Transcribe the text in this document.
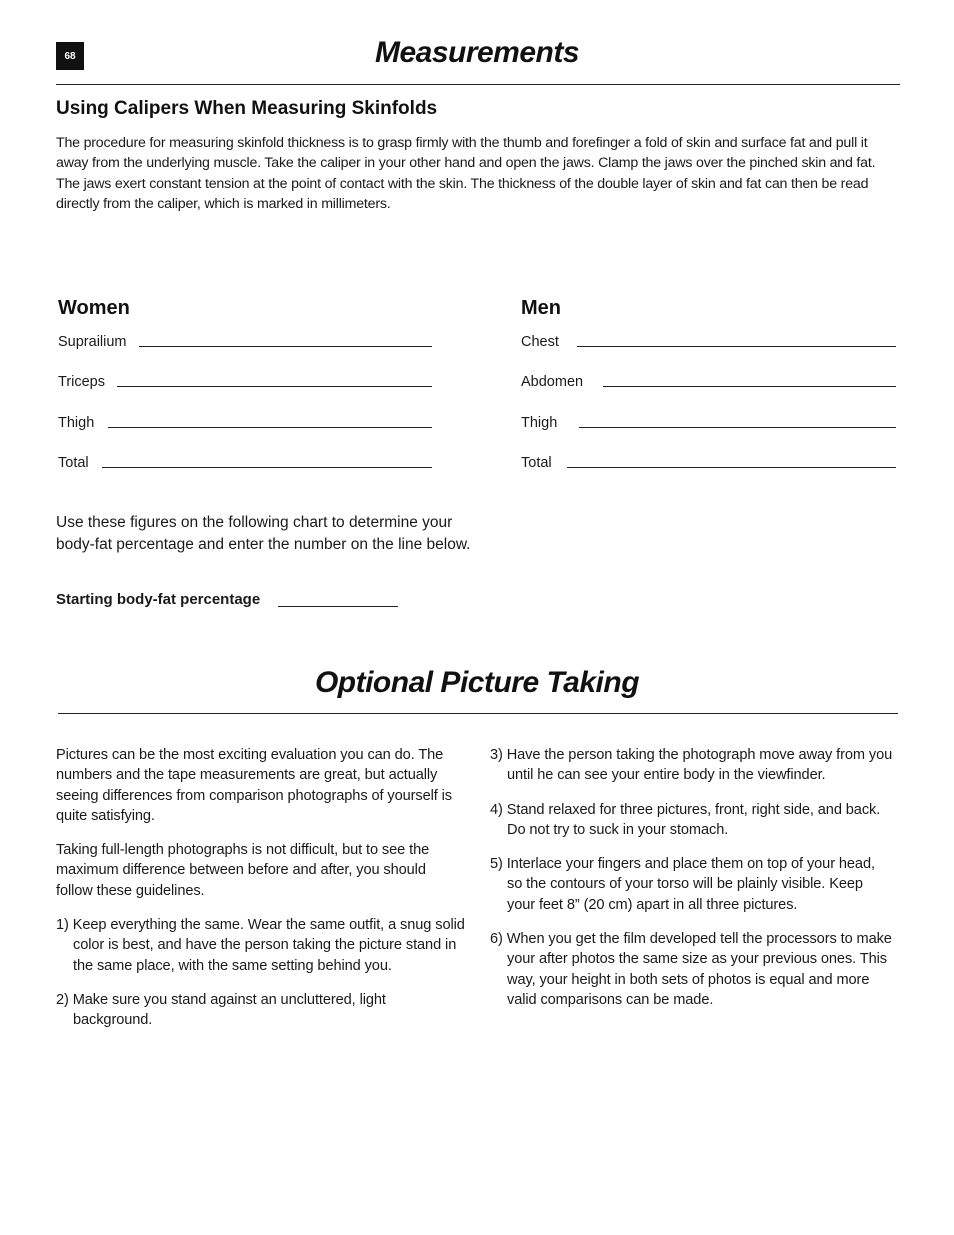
68	Measurements
Using Calipers When Measuring Skinfolds
The procedure for measuring skinfold thickness is to grasp firmly with the thumb and forefinger a fold of skin and surface fat and pull it away from the underlying muscle. Take the caliper in your other hand and open the jaws. Clamp the jaws over the pinched skin and fat. The jaws exert constant tension at the point of contact with the skin. The thickness of the double layer of skin and fat can then be read directly from the caliper, which is marked in millimeters.
Women
Suprailium
Triceps
Thigh
Total
Men
Chest
Abdomen
Thigh
Total
Use these figures on the following chart to determine your body-fat percentage and enter the number on the line below.
Starting body-fat percentage
Optional Picture Taking

Pictures can be the most exciting evaluation you can do. The numbers and the tape measurements are great, but actually seeing differences from comparison photographs of yourself is quite satisfying.

Taking full-length photographs is not difficult, but to see the maximum difference between before and after, you should follow these guidelines.

1) Keep everything the same. Wear the same outfit, a snug solid color is best, and have the person taking the picture stand in the same place, with the same setting behind you.

2) Make sure you stand against an uncluttered, light background.

3) Have the person taking the photograph move away from you until he can see your entire body in the viewfinder.

4) Stand relaxed for three pictures, front, right side, and back. Do not try to suck in your stomach.

5) Interlace your fingers and place them on top of your head, so the contours of your torso will be plainly visible. Keep your feet 8” (20 cm) apart in all three pictures.

6) When you get the film developed tell the processors to make your after photos the same size as your previous ones. This way, your height in both sets of photos is equal and more valid comparisons can be made.
